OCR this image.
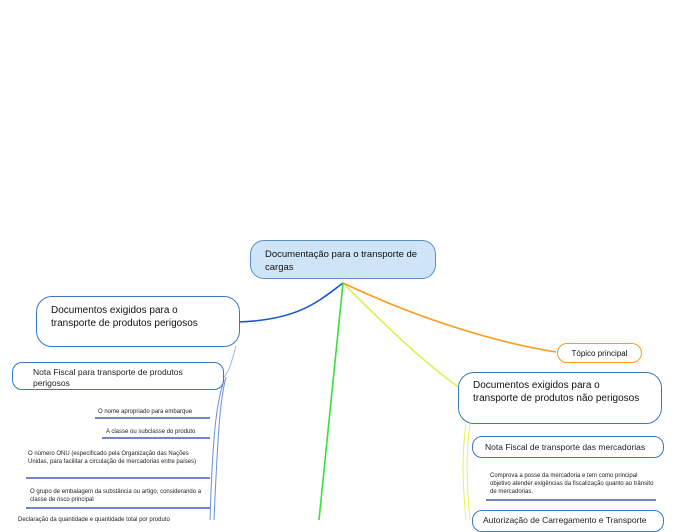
Documentação para o transporte de cargas
Documentos exigidos para o transporte de produtos perigosos
Nota Fiscal para transporte de produtos perigosos
O nome apropriado para embarque
A classe ou subclasse do produto
O número ONU (especificado pela Organização das Nações Unidas, para facilitar a circulação de mercadorias entre países)
O grupo de embalagem da substância ou artigo, considerando a classe de risco principal
Declaração da quantidade e quantidade total por produto
Tópico principal
Documentos exigidos para o transporte de produtos não perigosos
Nota Fiscal de transporte das mercadorias
Comprova a posse da mercadoria e tem como principal objetivo atender exigências da fiscalização quanto ao trânsito de mercadorias.
Autorização de Carregamento e Transporte
